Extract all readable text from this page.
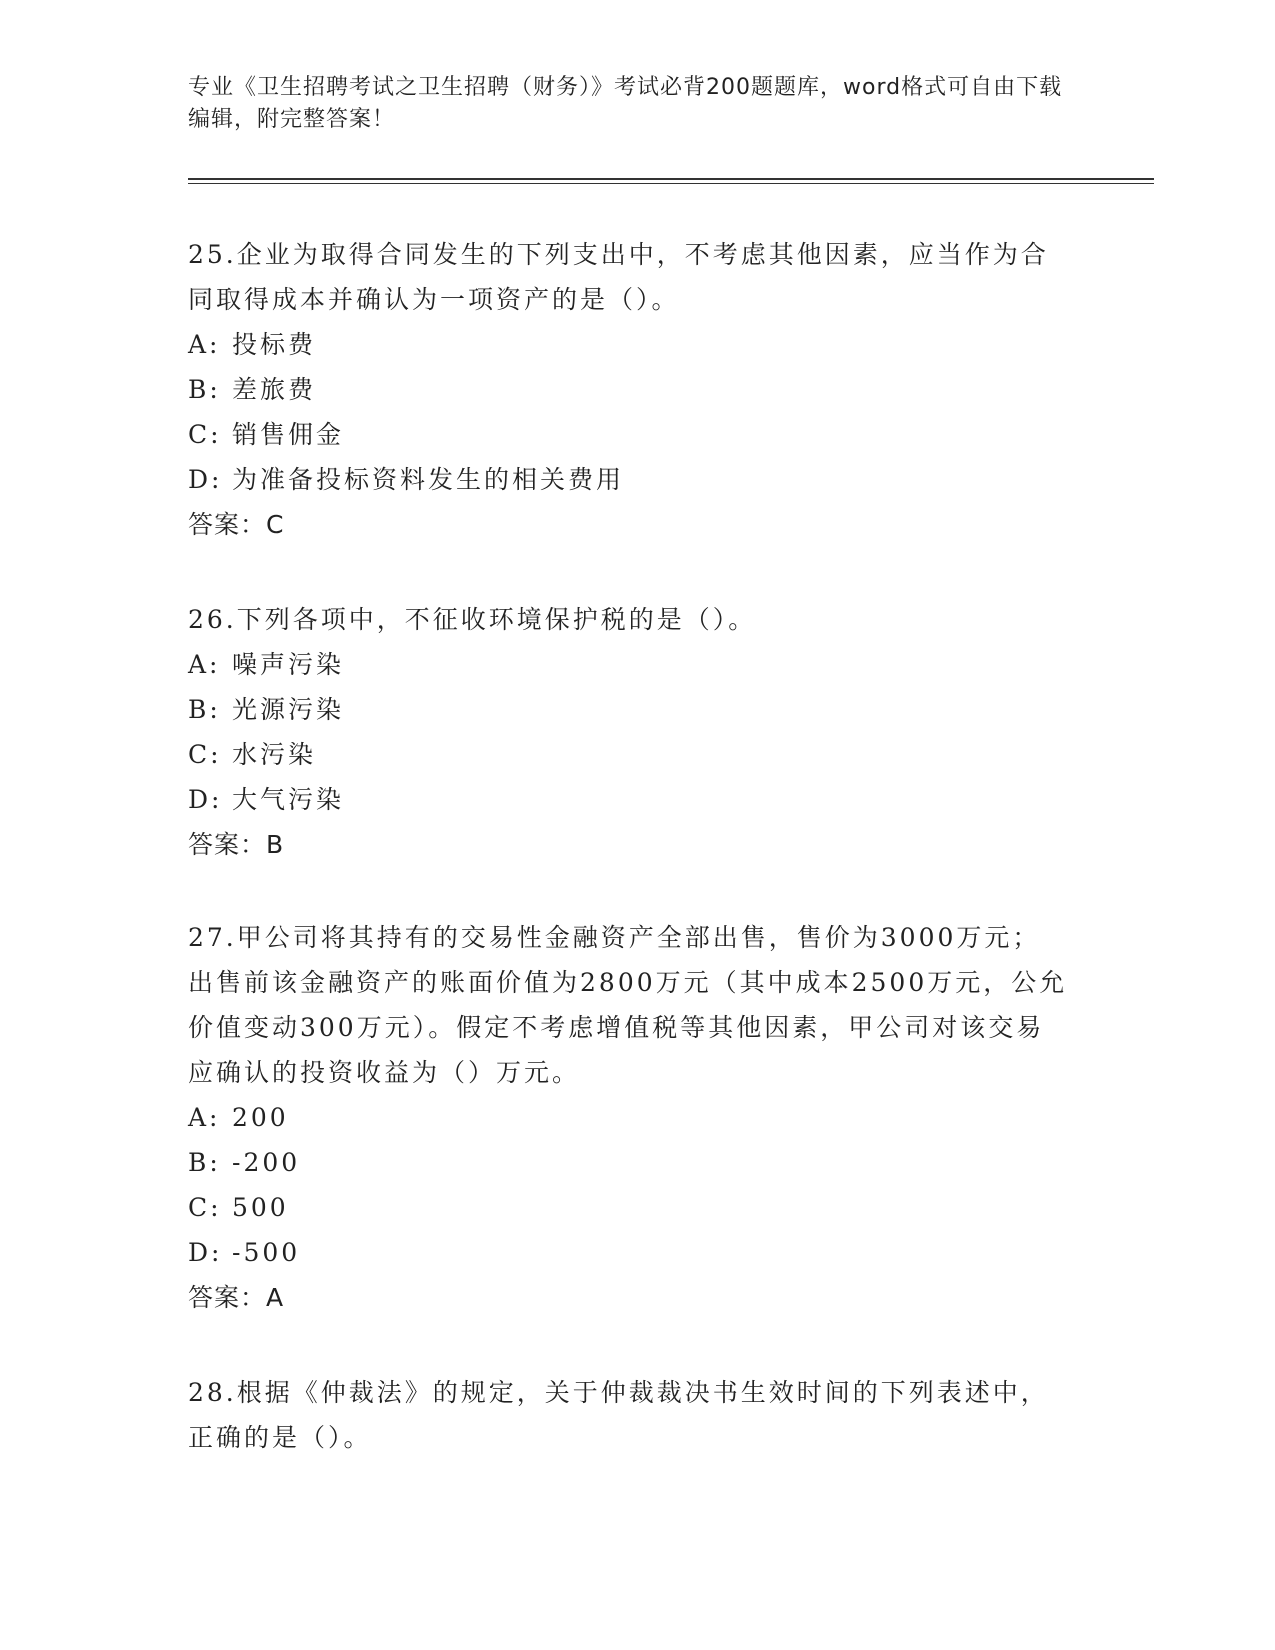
专业《卫生招聘考试之卫生招聘（财务）》考试必背200题题库，word格式可自由下载编辑，附完整答案！

25.企业为取得合同发生的下列支出中，不考虑其他因素，应当作为合同取得成本并确认为一项资产的是（）。

A: 投标费

B: 差旅费

C: 销售佣金

D: 为准备投标资料发生的相关费用

答案：C

26.下列各项中，不征收环境保护税的是（）。

A: 噪声污染

B: 光源污染

C: 水污染

D: 大气污染

答案：B

27.甲公司将其持有的交易性金融资产全部出售，售价为3000万元；出售前该金融资产的账面价值为2800万元（其中成本2500万元，公允价值变动300万元）。假定不考虑增值税等其他因素，甲公司对该交易应确认的投资收益为（）万元。

A: 200

B: -200

C: 500

D: -500

答案：A

28.根据《仲裁法》的规定，关于仲裁裁决书生效时间的下列表述中，正确的是（）。
